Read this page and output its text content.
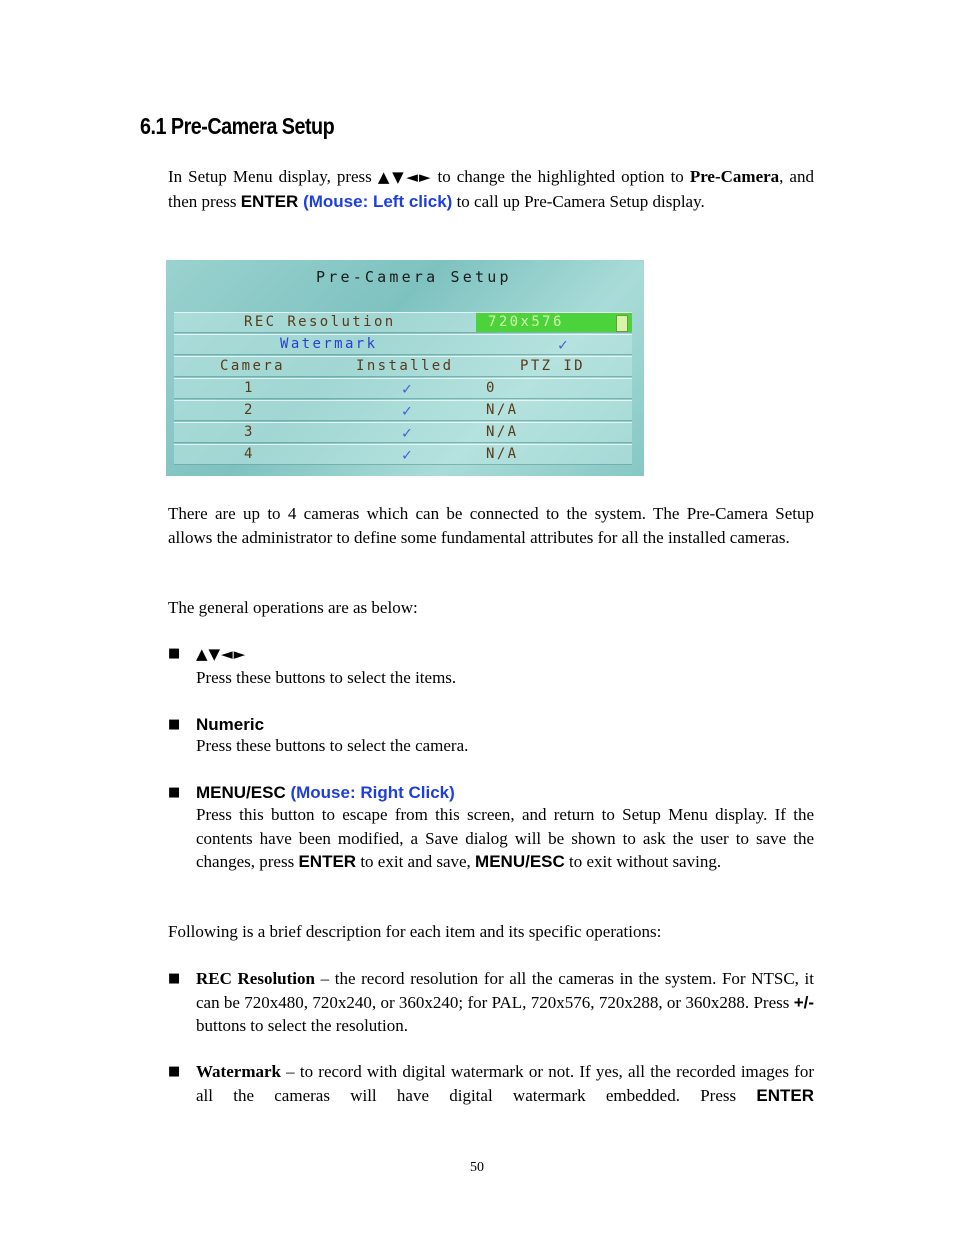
6.1 Pre-Camera Setup

In Setup Menu display, press ▲▼◄► to change the highlighted option to Pre-Camera, and then press ENTER (Mouse: Left click) to call up Pre-Camera Setup display.

Pre-Camera Setup
REC Resolution	720x576
Watermark	✓
Camera	Installed	PTZ ID
1	✓	0
2	✓	N/A
3	✓	N/A
4	✓	N/A

There are up to 4 cameras which can be connected to the system. The Pre-Camera Setup allows the administrator to define some fundamental attributes for all the installed cameras.

The general operations are as below:

■ ▲▼◄►

Press these buttons to select the items.

■ Numeric

Press these buttons to select the camera.

■ MENU/ESC (Mouse: Right Click)

Press this button to escape from this screen, and return to Setup Menu display. If the contents have been modified, a Save dialog will be shown to ask the user to save the changes, press ENTER to exit and save, MENU/ESC to exit without saving.

Following is a brief description for each item and its specific operations:

■ REC Resolution – the record resolution for all the cameras in the system. For NTSC, it can be 720x480, 720x240, or 360x240; for PAL, 720x576, 720x288, or 360x288. Press +/- buttons to select the resolution.

■ Watermark – to record with digital watermark or not. If yes, all the recorded images for all the cameras will have digital watermark embedded. Press ENTER

50
